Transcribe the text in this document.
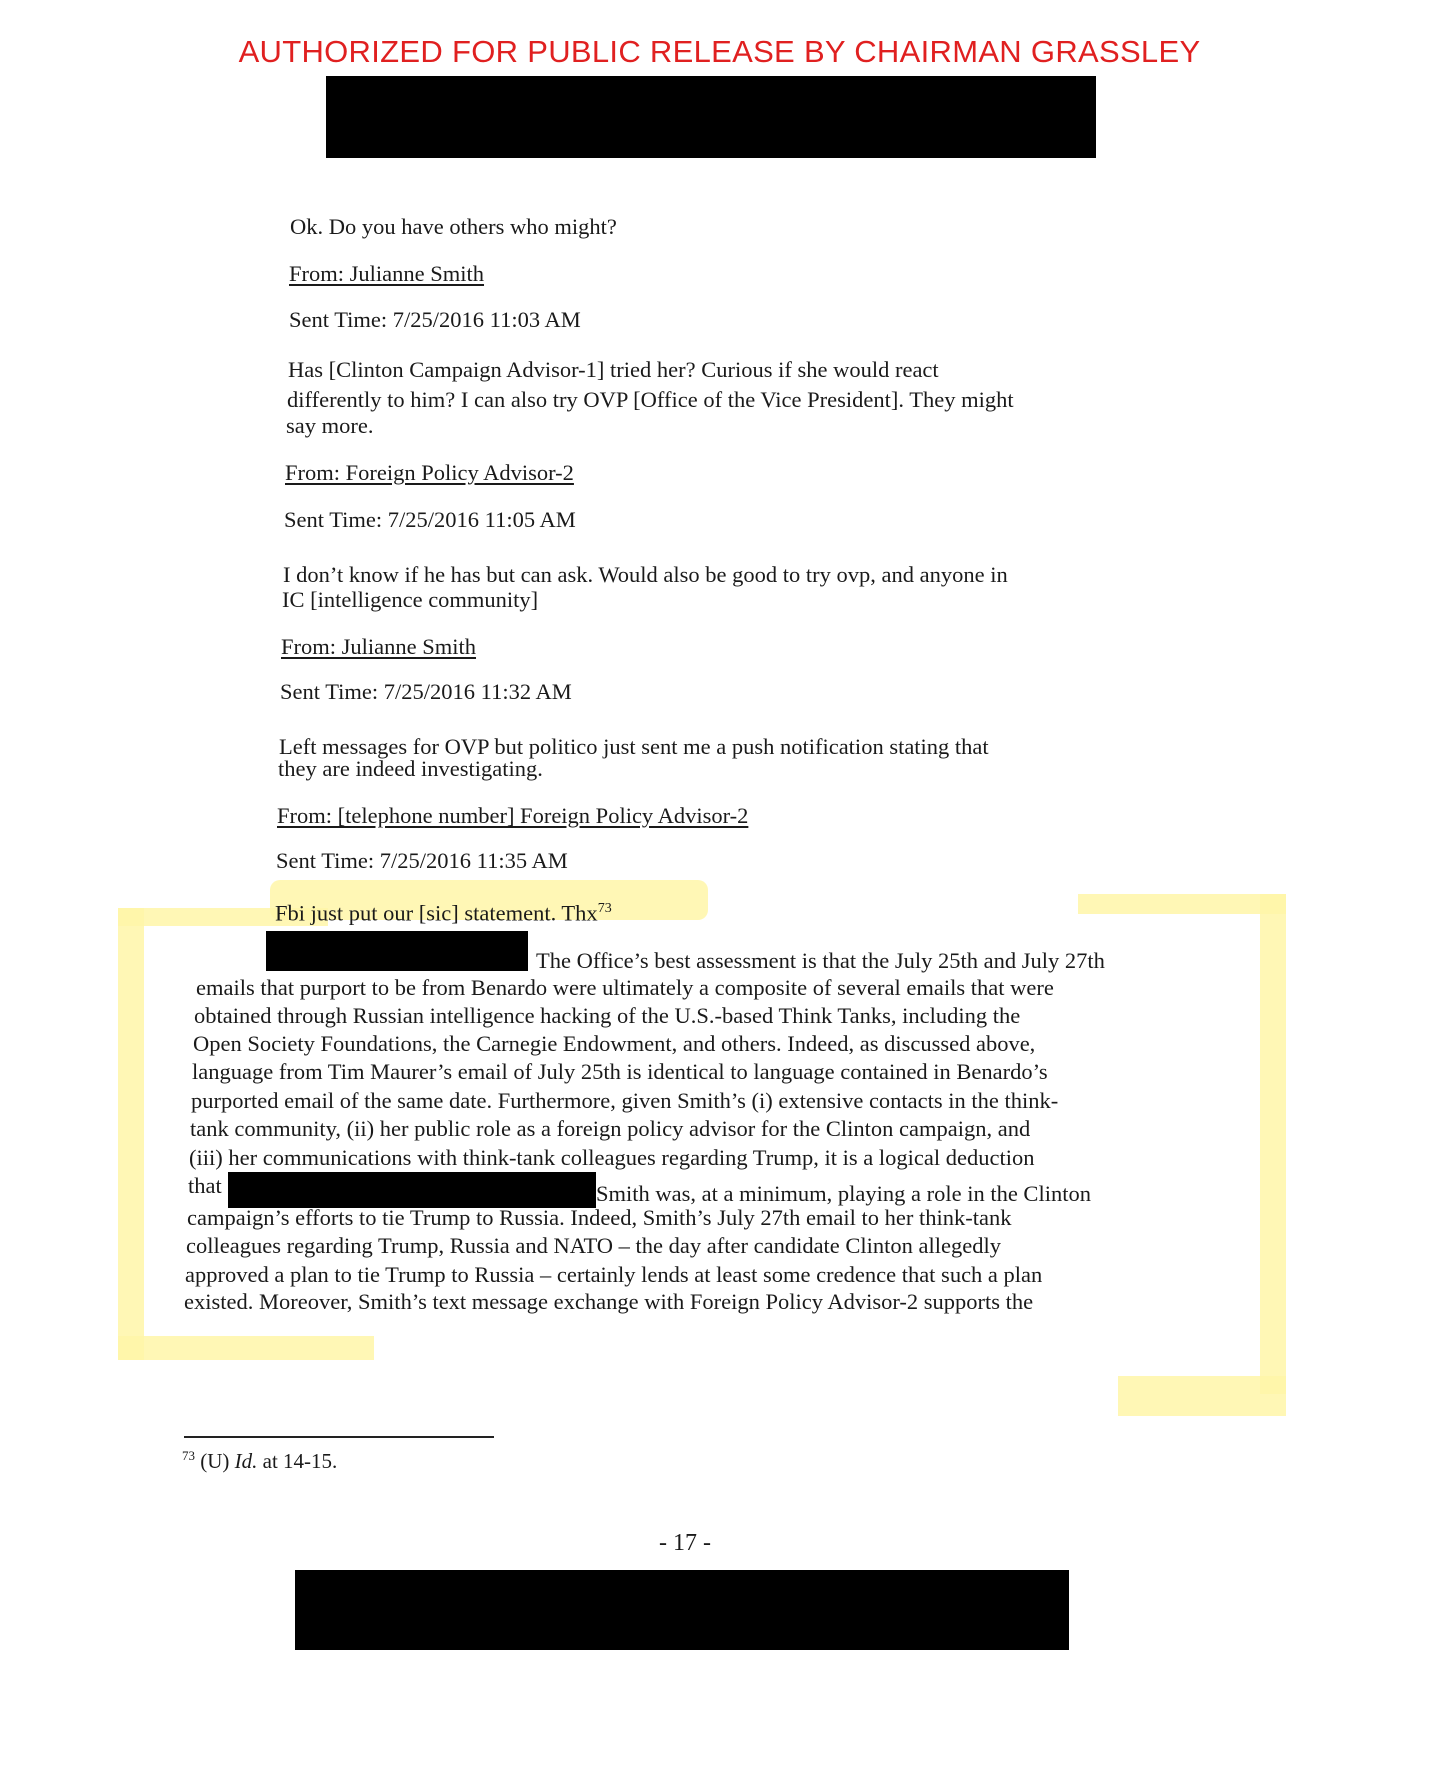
AUTHORIZED FOR PUBLIC RELEASE BY CHAIRMAN GRASSLEY
Ok. Do you have others who might?
From: Julianne Smith
Sent Time: 7/25/2016 11:03 AM
Has [Clinton Campaign Advisor-1] tried her? Curious if she would react
differently to him? I can also try OVP [Office of the Vice President]. They might
say more.
From: Foreign Policy Advisor-2
Sent Time: 7/25/2016 11:05 AM
I don’t know if he has but can ask. Would also be good to try ovp, and anyone in
IC [intelligence community]
From: Julianne Smith
Sent Time: 7/25/2016 11:32 AM
Left messages for OVP but politico just sent me a push notification stating that
they are indeed investigating.
From: [telephone number] Foreign Policy Advisor-2
Sent Time: 7/25/2016 11:35 AM
Fbi just put our [sic] statement. Thx$^{73}$
The Office’s best assessment is that the July 25th and July 27th
emails that purport to be from Benardo were ultimately a composite of several emails that were
obtained through Russian intelligence hacking of the U.S.-based Think Tanks, including the
Open Society Foundations, the Carnegie Endowment, and others. Indeed, as discussed above,
language from Tim Maurer’s email of July 25th is identical to language contained in Benardo’s
purported email of the same date. Furthermore, given Smith’s (i) extensive contacts in the think-
tank community, (ii) her public role as a foreign policy advisor for the Clinton campaign, and
(iii) her communications with think-tank colleagues regarding Trump, it is a logical deduction
that	Smith was, at a minimum, playing a role in the Clinton
campaign’s efforts to tie Trump to Russia. Indeed, Smith’s July 27th email to her think-tank
colleagues regarding Trump, Russia and NATO – the day after candidate Clinton allegedly
approved a plan to tie Trump to Russia – certainly lends at least some credence that such a plan
existed. Moreover, Smith’s text message exchange with Foreign Policy Advisor-2 supports the
$^{73}$ (U) Id. at 14-15.
- 17 -
